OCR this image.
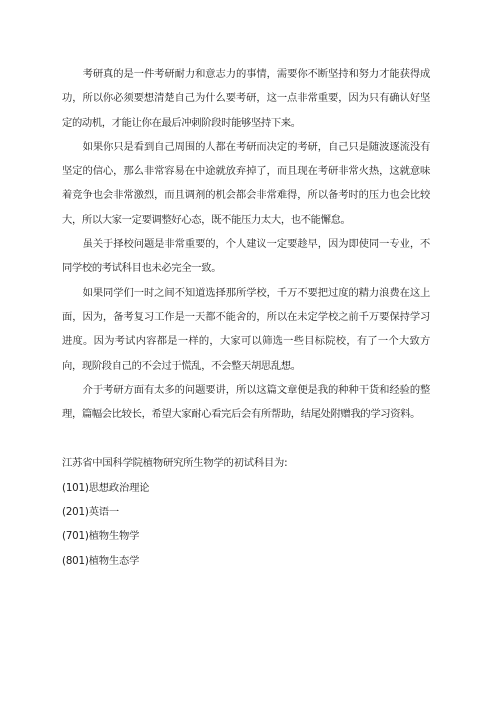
考研真的是一件考研耐力和意志力的事情，需要你不断坚持和努力才能获得成功，所以你必须要想清楚自己为什么要考研，这一点非常重要，因为只有确认好坚定的动机，才能让你在最后冲刺阶段时能够坚持下来。

如果你只是看到自己周围的人都在考研而决定的考研，自己只是随波逐流没有坚定的信心，那么非常容易在中途就放弃掉了，而且现在考研非常火热，这就意味着竞争也会非常激烈，而且调剂的机会都会非常难得，所以备考时的压力也会比较大，所以大家一定要调整好心态，既不能压力太大，也不能懈怠。

虽关于择校问题是非常重要的，个人建议一定要趁早，因为即使同一专业，不同学校的考试科目也未必完全一致。

如果同学们一时之间不知道选择那所学校，千万不要把过度的精力浪费在这上面，因为，备考复习工作是一天都不能舍的，所以在未定学校之前千万要保持学习进度。因为考试内容都是一样的，大家可以筛选一些目标院校，有了一个大致方向，现阶段自己的不会过于慌乱，不会整天胡思乱想。

介于考研方面有太多的问题要讲，所以这篇文章便是我的种种干货和经验的整理，篇幅会比较长，希望大家耐心看完后会有所帮助，结尾处附赠我的学习资料。

江苏省中国科学院植物研究所生物学的初试科目为:

(101)思想政治理论
(201)英语一
(701)植物生物学
(801)植物生态学
